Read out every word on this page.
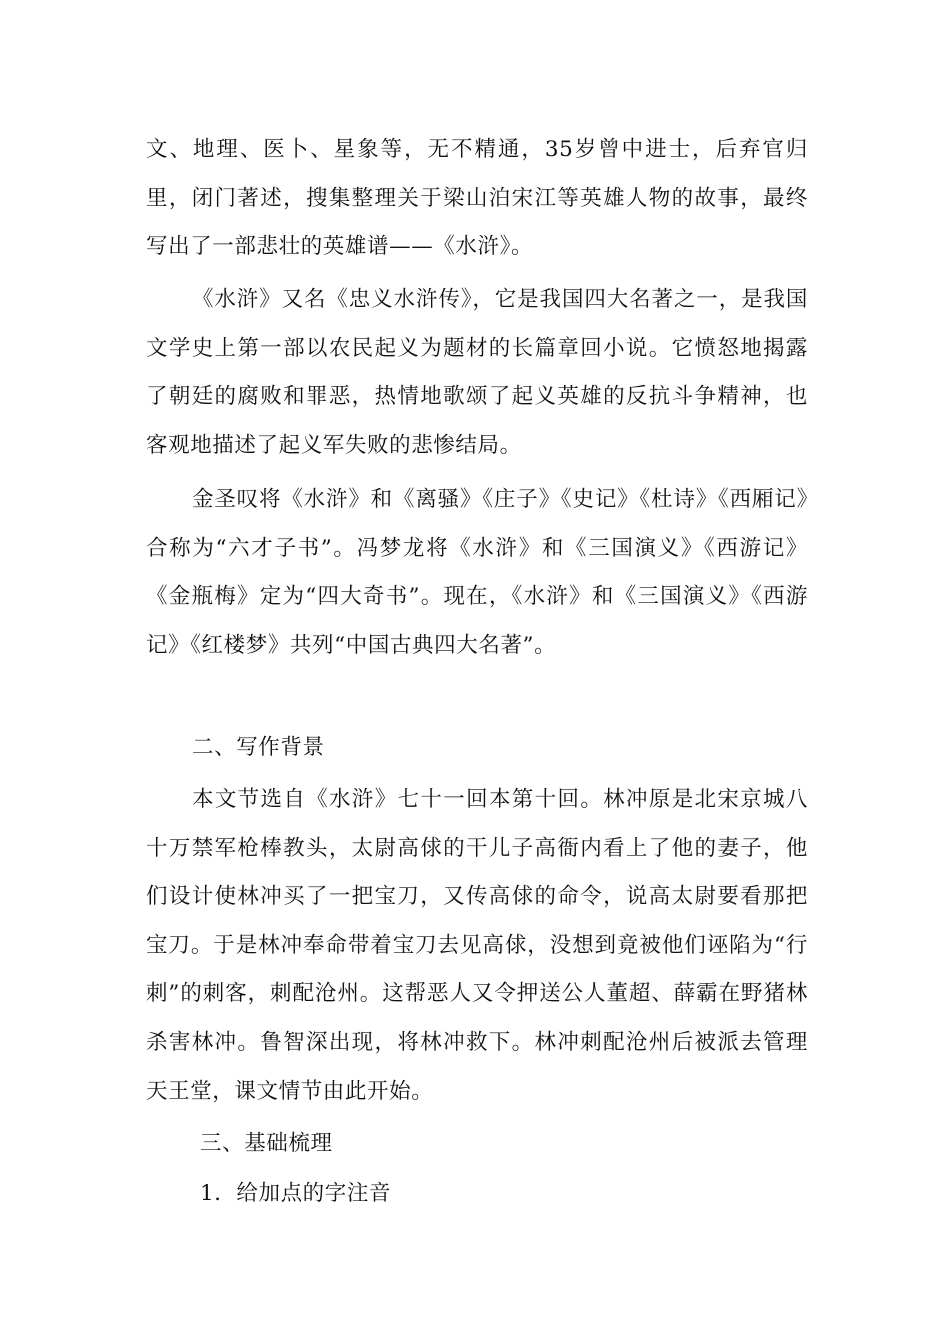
文、地理、医卜、星象等，无不精通，35岁曾中进士，后弃官归里，闭门著述，搜集整理关于梁山泊宋江等英雄人物的故事，最终写出了一部悲壮的英雄谱——《水浒》。

《水浒》又名《忠义水浒传》，它是我国四大名著之一，是我国文学史上第一部以农民起义为题材的长篇章回小说。它愤怒地揭露了朝廷的腐败和罪恶，热情地歌颂了起义英雄的反抗斗争精神，也客观地描述了起义军失败的悲惨结局。

金圣叹将《水浒》和《离骚》《庄子》《史记》《杜诗》《西厢记》合称为“六才子书”。冯梦龙将《水浒》和《三国演义》《西游记》《金瓶梅》定为“四大奇书”。现在，《水浒》和《三国演义》《西游记》《红楼梦》共列“中国古典四大名著”。

二、写作背景

本文节选自《水浒》七十一回本第十回。林冲原是北宋京城八十万禁军枪棒教头，太尉高俅的干儿子高衙内看上了他的妻子，他们设计使林冲买了一把宝刀，又传高俅的命令，说高太尉要看那把宝刀。于是林冲奉命带着宝刀去见高俅，没想到竟被他们诬陷为“行刺”的刺客，刺配沧州。这帮恶人又令押送公人董超、薛霸在野猪林杀害林冲。鲁智深出现，将林冲救下。林冲刺配沧州后被派去管理天王堂，课文情节由此开始。

三、基础梳理

1．给加点的字注音
